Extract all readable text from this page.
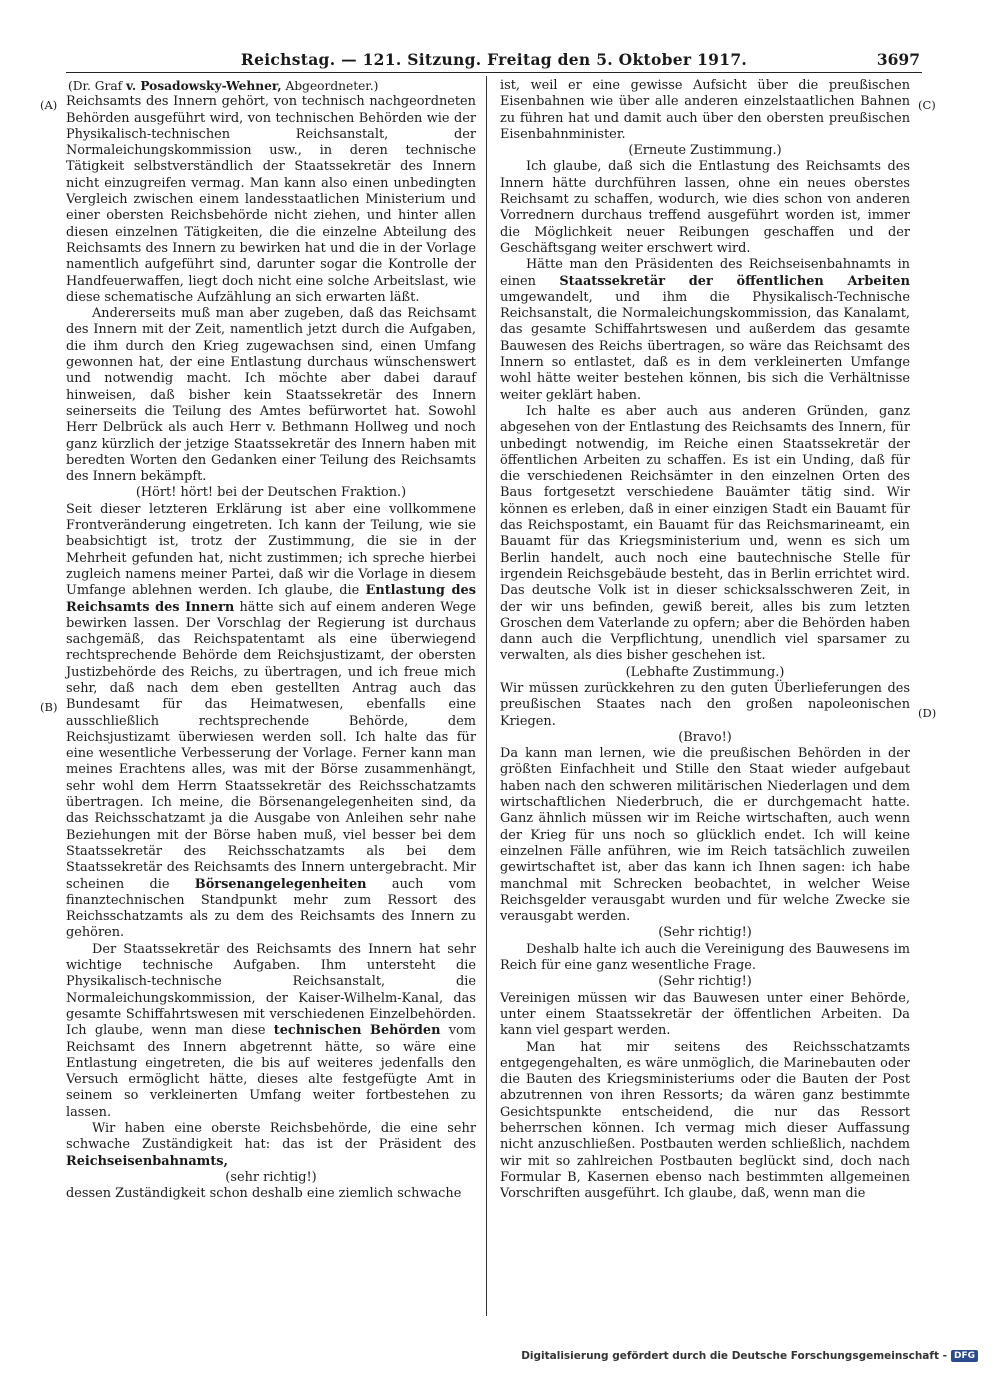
Reichstag. — 121. Sitzung. Freitag den 5. Oktober 1917.	3697
(A)
(B)
(C)
(D)

(Dr. Graf v. Posadowsky-Wehner, Abgeordneter.)

Reichsamts des Innern gehört, von technisch nachgeordneten Behörden ausgeführt wird, von technischen Behörden wie der Physikalisch-technischen Reichsanstalt, der Normaleichungskommission usw., in deren technische Tätigkeit selbstverständlich der Staatssekretär des Innern nicht einzugreifen vermag. Man kann also einen unbedingten Vergleich zwischen einem landesstaatlichen Ministerium und einer obersten Reichsbehörde nicht ziehen, und hinter allen diesen einzelnen Tätigkeiten, die die einzelne Abteilung des Reichsamts des Innern zu bewirken hat und die in der Vorlage namentlich aufgeführt sind, darunter sogar die Kontrolle der Handfeuerwaffen, liegt doch nicht eine solche Arbeitslast, wie diese schematische Aufzählung an sich erwarten läßt.

Andererseits muß man aber zugeben, daß das Reichsamt des Innern mit der Zeit, namentlich jetzt durch die Aufgaben, die ihm durch den Krieg zugewachsen sind, einen Umfang gewonnen hat, der eine Entlastung durchaus wünschenswert und notwendig macht. Ich möchte aber dabei darauf hinweisen, daß bisher kein Staatssekretär des Innern seinerseits die Teilung des Amtes befürwortet hat. Sowohl Herr Delbrück als auch Herr v. Bethmann Hollweg und noch ganz kürzlich der jetzige Staatssekretär des Innern haben mit beredten Worten den Gedanken einer Teilung des Reichsamts des Innern bekämpft.

(Hört! hört! bei der Deutschen Fraktion.)

Seit dieser letzteren Erklärung ist aber eine vollkommene Frontveränderung eingetreten. Ich kann der Teilung, wie sie beabsichtigt ist, trotz der Zustimmung, die sie in der Mehrheit gefunden hat, nicht zustimmen; ich spreche hierbei zugleich namens meiner Partei, daß wir die Vorlage in diesem Umfange ablehnen werden. Ich glaube, die Entlastung des Reichsamts des Innern hätte sich auf einem anderen Wege bewirken lassen. Der Vorschlag der Regierung ist durchaus sachgemäß, das Reichspatentamt als eine überwiegend rechtsprechende Behörde dem Reichsjustizamt, der obersten Justizbehörde des Reichs, zu übertragen, und ich freue mich sehr, daß nach dem eben gestellten Antrag auch das Bundesamt für das Heimatwesen, ebenfalls eine ausschließlich rechtsprechende Behörde, dem Reichsjustizamt überwiesen werden soll. Ich halte das für eine wesentliche Verbesserung der Vorlage. Ferner kann man meines Erachtens alles, was mit der Börse zusammenhängt, sehr wohl dem Herrn Staatssekretär des Reichsschatzamts übertragen. Ich meine, die Börsenangelegenheiten sind, da das Reichsschatzamt ja die Ausgabe von Anleihen sehr nahe Beziehungen mit der Börse haben muß, viel besser bei dem Staatssekretär des Reichsschatzamts als bei dem Staatssekretär des Reichsamts des Innern untergebracht. Mir scheinen die Börsenangelegenheiten auch vom finanztechnischen Standpunkt mehr zum Ressort des Reichsschatzamts als zu dem des Reichsamts des Innern zu gehören.

Der Staatssekretär des Reichsamts des Innern hat sehr wichtige technische Aufgaben. Ihm untersteht die Physikalisch-technische Reichsanstalt, die Normaleichungskommission, der Kaiser-Wilhelm-Kanal, das gesamte Schiffahrtswesen mit verschiedenen Einzelbehörden. Ich glaube, wenn man diese technischen Behörden vom Reichsamt des Innern abgetrennt hätte, so wäre eine Entlastung eingetreten, die bis auf weiteres jedenfalls den Versuch ermöglicht hätte, dieses alte festgefügte Amt in seinem so verkleinerten Umfang weiter fortbestehen zu lassen.

Wir haben eine oberste Reichsbehörde, die eine sehr schwache Zuständigkeit hat: das ist der Präsident des Reichseisenbahnamts,

(sehr richtig!)

dessen Zuständigkeit schon deshalb eine ziemlich schwache

ist, weil er eine gewisse Aufsicht über die preußischen Eisenbahnen wie über alle anderen einzelstaatlichen Bahnen zu führen hat und damit auch über den obersten preußischen Eisenbahnminister.

(Erneute Zustimmung.)

Ich glaube, daß sich die Entlastung des Reichsamts des Innern hätte durchführen lassen, ohne ein neues oberstes Reichsamt zu schaffen, wodurch, wie dies schon von anderen Vorrednern durchaus treffend ausgeführt worden ist, immer die Möglichkeit neuer Reibungen geschaffen und der Geschäftsgang weiter erschwert wird.

Hätte man den Präsidenten des Reichseisenbahnamts in einen Staatssekretär der öffentlichen Arbeiten umgewandelt, und ihm die Physikalisch-Technische Reichsanstalt, die Normaleichungskommission, das Kanalamt, das gesamte Schiffahrtswesen und außerdem das gesamte Bauwesen des Reichs übertragen, so wäre das Reichsamt des Innern so entlastet, daß es in dem verkleinerten Umfange wohl hätte weiter bestehen können, bis sich die Verhältnisse weiter geklärt haben.

Ich halte es aber auch aus anderen Gründen, ganz abgesehen von der Entlastung des Reichsamts des Innern, für unbedingt notwendig, im Reiche einen Staatssekretär der öffentlichen Arbeiten zu schaffen. Es ist ein Unding, daß für die verschiedenen Reichsämter in den einzelnen Orten des Baus fortgesetzt verschiedene Bauämter tätig sind. Wir können es erleben, daß in einer einzigen Stadt ein Bauamt für das Reichspostamt, ein Bauamt für das Reichsmarineamt, ein Bauamt für das Kriegsministerium und, wenn es sich um Berlin handelt, auch noch eine bautechnische Stelle für irgendein Reichsgebäude besteht, das in Berlin errichtet wird. Das deutsche Volk ist in dieser schicksalsschweren Zeit, in der wir uns befinden, gewiß bereit, alles bis zum letzten Groschen dem Vaterlande zu opfern; aber die Behörden haben dann auch die Verpflichtung, unendlich viel sparsamer zu verwalten, als dies bisher geschehen ist.

(Lebhafte Zustimmung.)

Wir müssen zurückkehren zu den guten Überlieferungen des preußischen Staates nach den großen napoleonischen Kriegen.

(Bravo!)

Da kann man lernen, wie die preußischen Behörden in der größten Einfachheit und Stille den Staat wieder aufgebaut haben nach den schweren militärischen Niederlagen und dem wirtschaftlichen Niederbruch, die er durchgemacht hatte. Ganz ähnlich müssen wir im Reiche wirtschaften, auch wenn der Krieg für uns noch so glücklich endet. Ich will keine einzelnen Fälle anführen, wie im Reich tatsächlich zuweilen gewirtschaftet ist, aber das kann ich Ihnen sagen: ich habe manchmal mit Schrecken beobachtet, in welcher Weise Reichsgelder verausgabt wurden und für welche Zwecke sie verausgabt werden.

(Sehr richtig!)

Deshalb halte ich auch die Vereinigung des Bauwesens im Reich für eine ganz wesentliche Frage.

(Sehr richtig!)

Vereinigen müssen wir das Bauwesen unter einer Behörde, unter einem Staatssekretär der öffentlichen Arbeiten. Da kann viel gespart werden.

Man hat mir seitens des Reichsschatzamts entgegengehalten, es wäre unmöglich, die Marinebauten oder die Bauten des Kriegsministeriums oder die Bauten der Post abzutrennen von ihren Ressorts; da wären ganz bestimmte Gesichtspunkte entscheidend, die nur das Ressort beherrschen können. Ich vermag mich dieser Auffassung nicht anzuschließen. Postbauten werden schließlich, nachdem wir mit so zahlreichen Postbauten beglückt sind, doch nach Formular B, Kasernen ebenso nach bestimmten allgemeinen Vorschriften ausgeführt. Ich glaube, daß, wenn man die

Digitalisierung gefördert durch die Deutsche Forschungsgemeinschaft - DFG
